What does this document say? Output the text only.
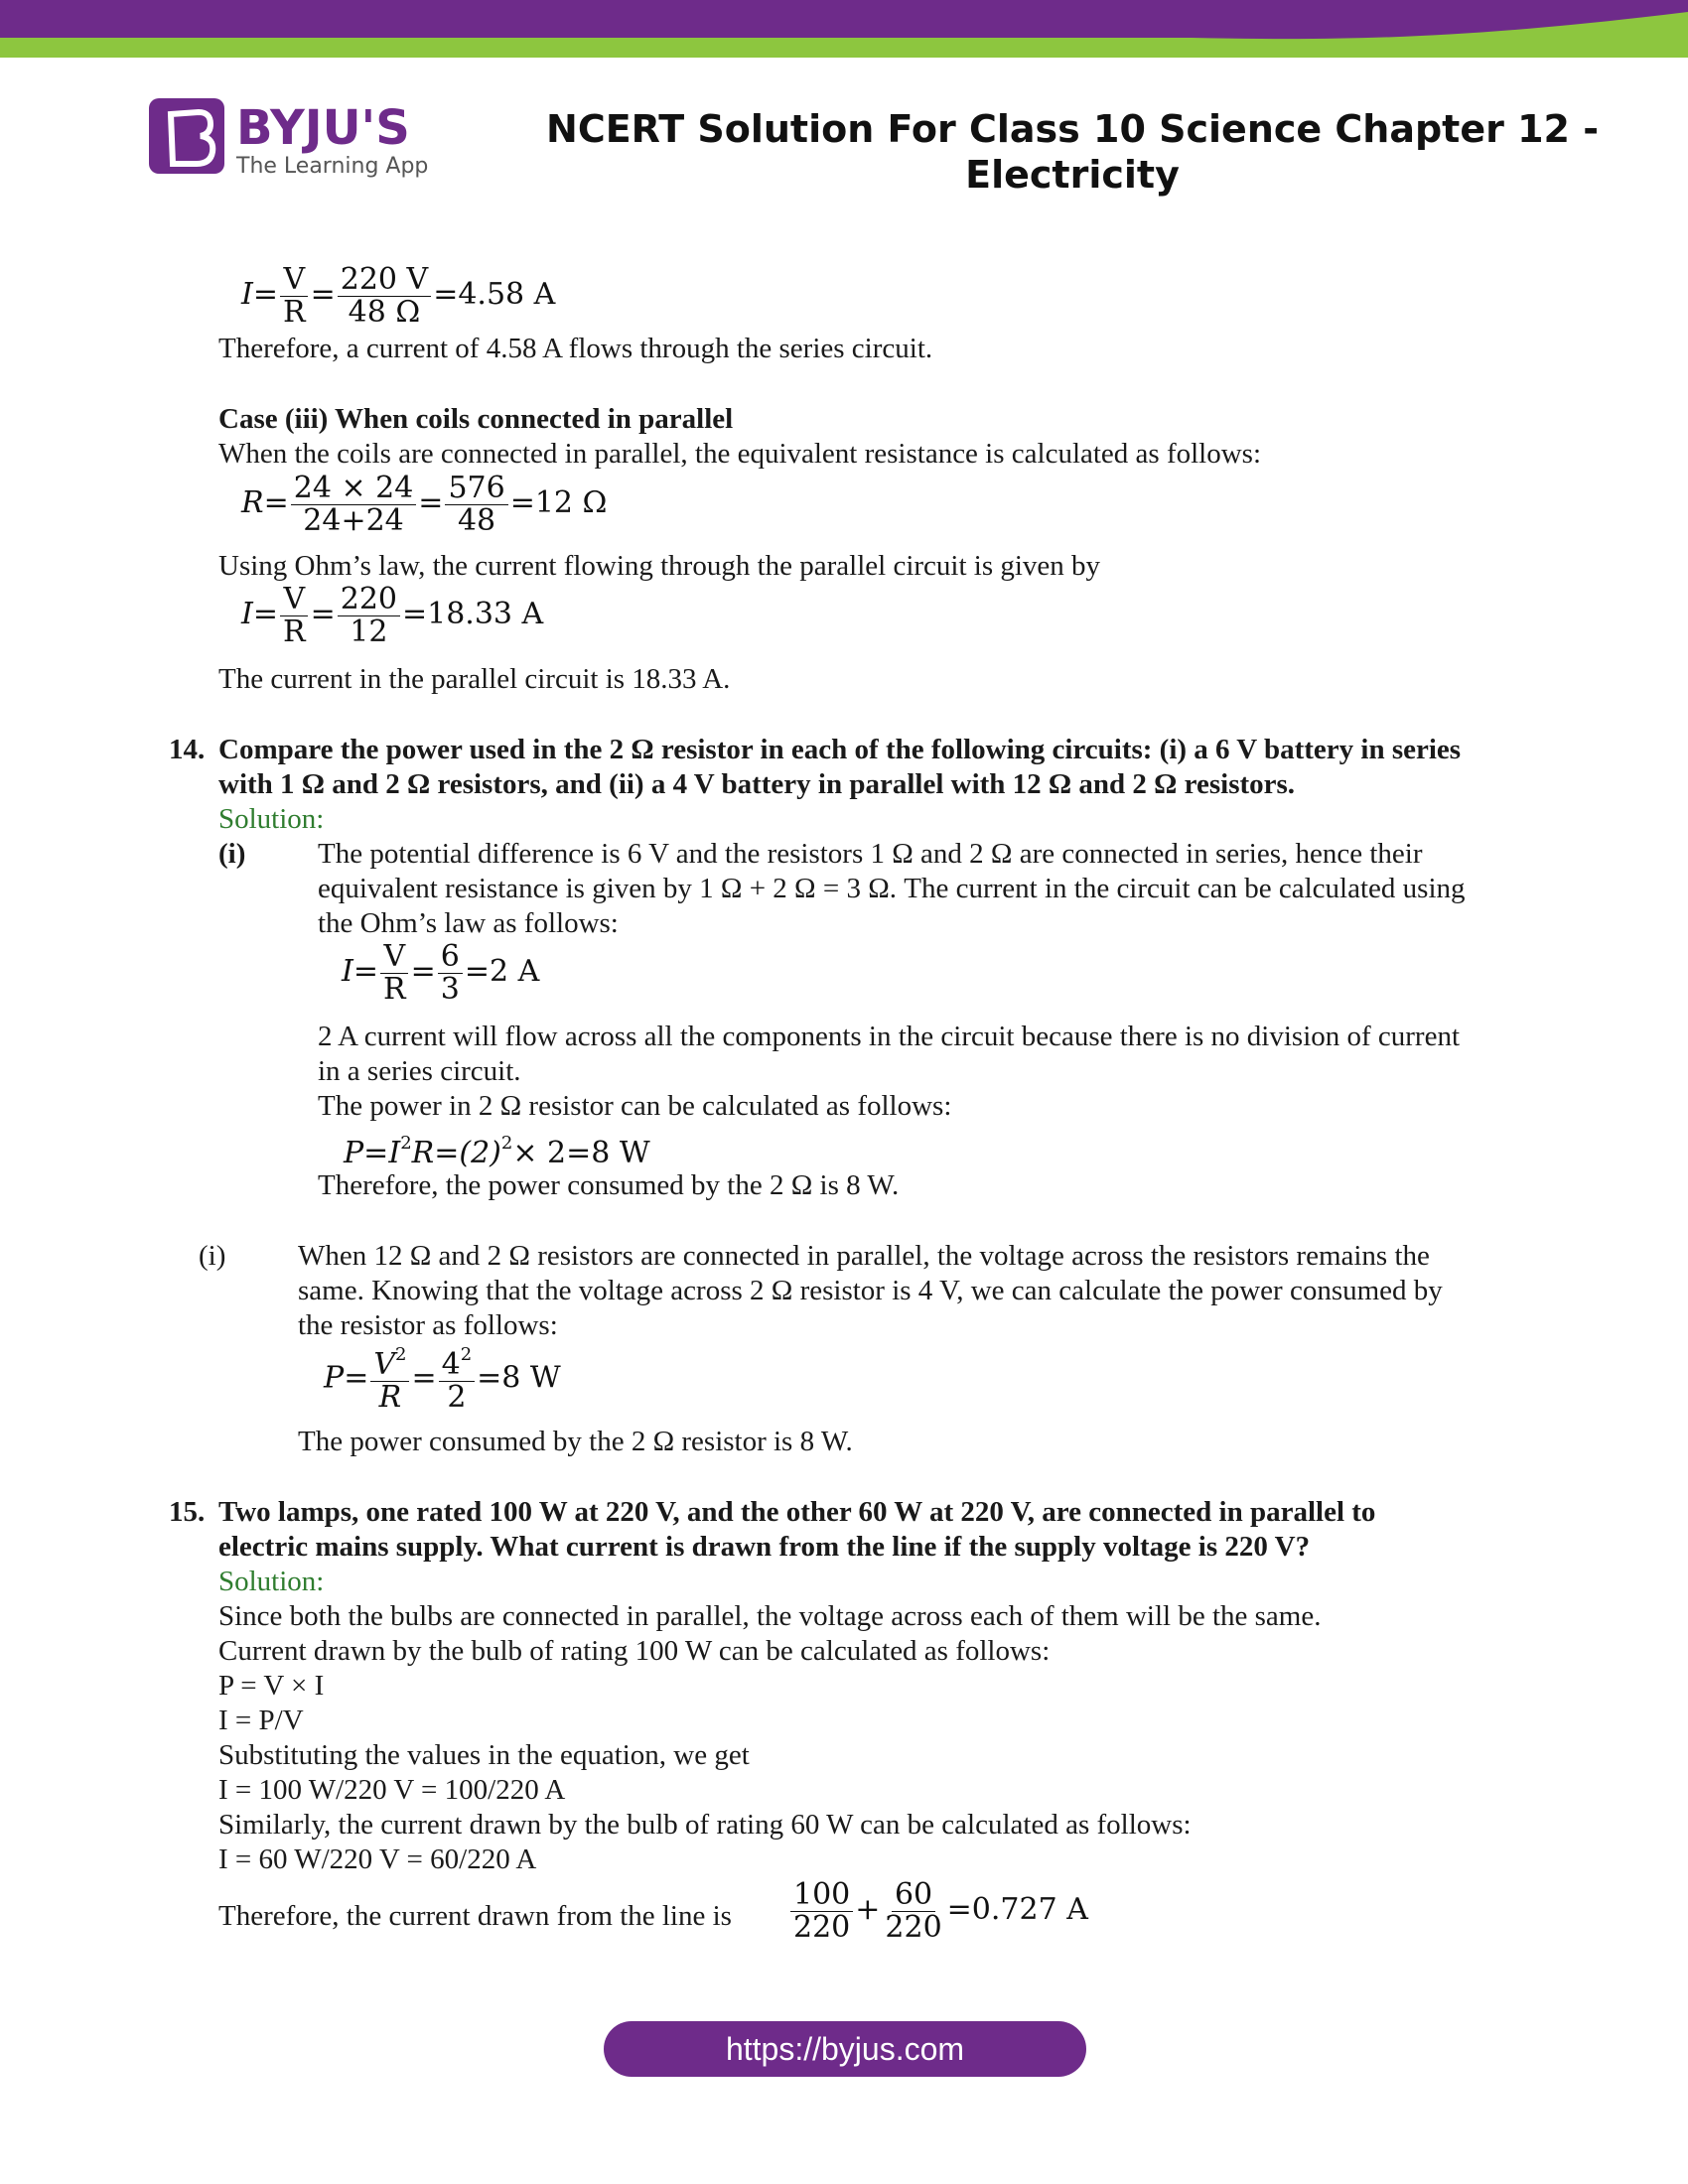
BYJU'S
The Learning App
NCERT Solution For Class 10 Science Chapter 12 -
Electricity
$I= \frac{V}{R} = \frac{220 V}{48 \Omega} =4.58$ A
Therefore, a current of 4.58 A flows through the series circuit.
Case (iii) When coils connected in parallel
When the coils are connected in parallel, the equivalent resistance is calculated as follows:
$R= \frac{24 \times 24}{24+24} = \frac{576}{48} =12$ Ω
Using Ohm’s law, the current flowing through the parallel circuit is given by
$I= \frac{V}{R} = \frac{220}{12} =18.33$ A
The current in the parallel circuit is 18.33 A.
14. Compare the power used in the 2 Ω resistor in each of the following circuits: (i) a 6 V battery in series
with 1 Ω and 2 Ω resistors, and (ii) a 4 V battery in parallel with 12 Ω and 2 Ω resistors.
Solution:
(i)	The potential difference is 6 V and the resistors 1 Ω and 2 Ω are connected in series, hence their
equivalent resistance is given by 1 Ω + 2 Ω = 3 Ω. The current in the circuit can be calculated using
the Ohm’s law as follows:
$I= \frac{V}{R} = \frac{6}{3} =2$ A
2 A current will flow across all the components in the circuit because there is no division of current
in a series circuit.
The power in 2 Ω resistor can be calculated as follows:
$P=I^2R=(2)^2\times 2=8$ W
Therefore, the power consumed by the 2 Ω is 8 W.
(i)	When 12 Ω and 2 Ω resistors are connected in parallel, the voltage across the resistors remains the
same. Knowing that the voltage across 2 Ω resistor is 4 V, we can calculate the power consumed by
the resistor as follows:
$P= \frac{V^2}{R} = \frac{4^2}{2} =8$ W
The power consumed by the 2 Ω resistor is 8 W.
15. Two lamps, one rated 100 W at 220 V, and the other 60 W at 220 V, are connected in parallel to
electric mains supply. What current is drawn from the line if the supply voltage is 220 V?
Solution:
Since both the bulbs are connected in parallel, the voltage across each of them will be the same.
Current drawn by the bulb of rating 100 W can be calculated as follows:
P = V × I
I = P/V
Substituting the values in the equation, we get
I = 100 W/220 V = 100/220 A
Similarly, the current drawn by the bulb of rating 60 W can be calculated as follows:
I = 60 W/220 V = 60/220 A
Therefore, the current drawn from the line is $\frac{100}{220} + \frac{60}{220} =0.727$ A
https://byjus.com
